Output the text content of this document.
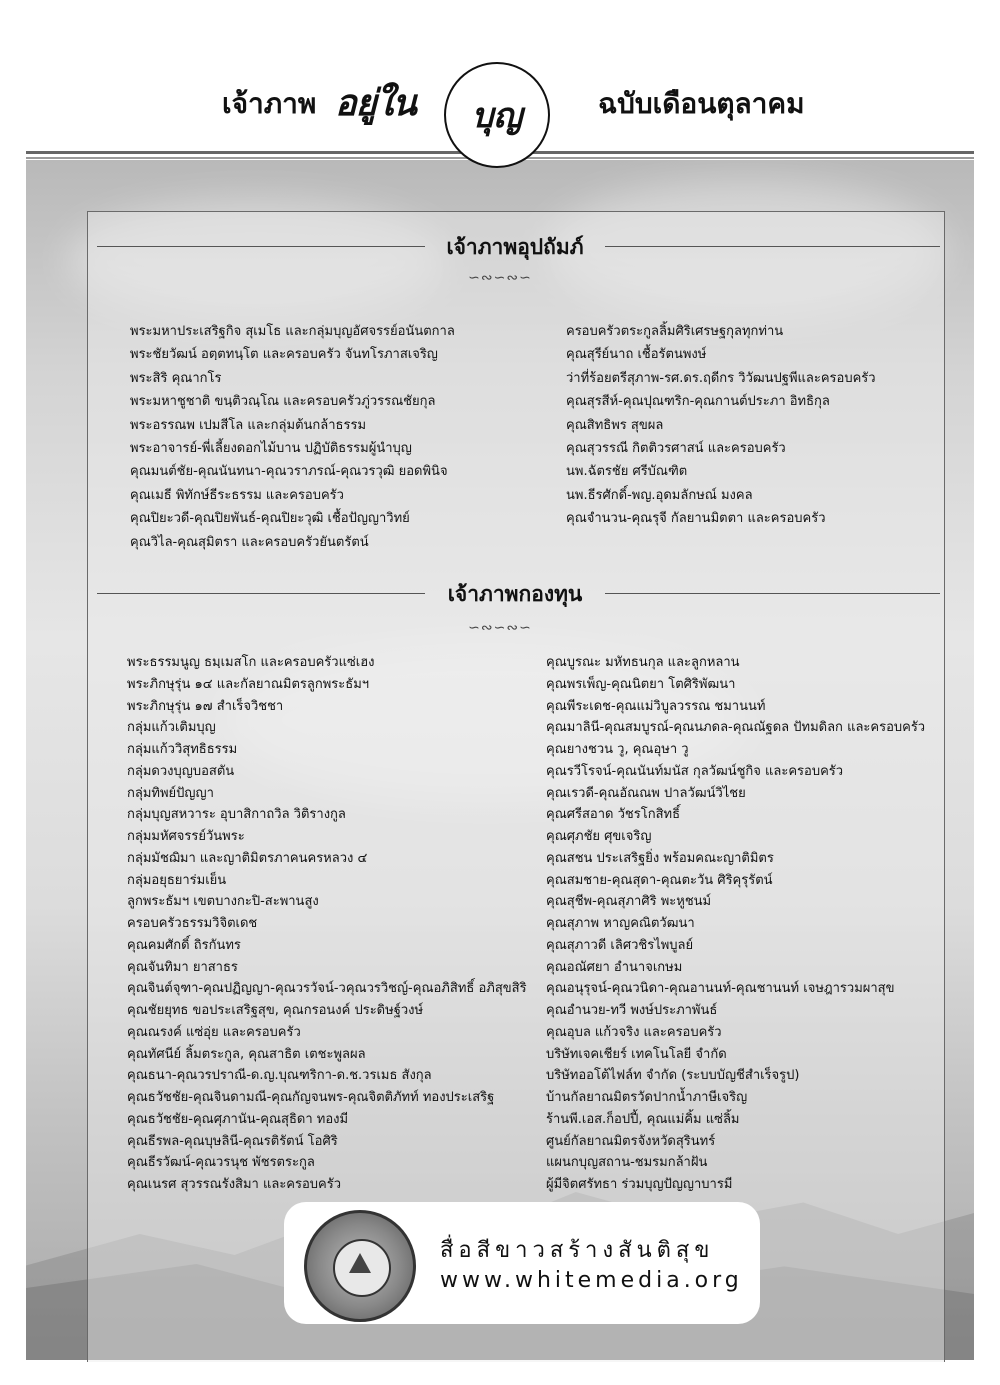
เจ้าภาพ อยู่ใน บุญ	ฉบับเดือนตุลาคม
เจ้าภาพอุปถัมภ์
∽∾∽∾∽
พระมหาประเสริฐกิจ สุเมโธ และกลุ่มบุญอัศจรรย์อนันตกาล
พระชัยวัฒน์ อตฺตทนฺโต และครอบครัว จันทโรภาสเจริญ
พระสิริ คุณากโร
พระมหาชูชาติ ขนฺติวณฺโณ และครอบครัวภู่วรรณชัยกุล
พระอรรณพ เปมสีโล และกลุ่มต้นกล้าธรรม
พระอาจารย์-พี่เลี้ยงดอกไม้บาน ปฏิบัติธรรมผู้นำบุญ
คุณมนต์ชัย-คุณนันทนา-คุณวราภรณ์-คุณวรวุฒิ ยอดพินิจ
คุณเมธี พิทักษ์ธีระธรรม และครอบครัว
คุณปิยะวดี-คุณปิยพันธ์-คุณปิยะวุฒิ เชื้อปัญญาวิทย์
คุณวิไล-คุณสุมิตรา และครอบครัวยันตรัตน์
ครอบครัวตระกูลลิ้มศิริเศรษฐกุลทุกท่าน
คุณสุรีย์นาถ เชื้อรัตนพงษ์
ว่าที่ร้อยตรีสุภาพ-รศ.ดร.ฤดีกร วิวัฒนปฐพีและครอบครัว
คุณสุรสีห์-คุณปุณฑริก-คุณกานต์ประภา อิทธิกุล
คุณสิทธิพร สุขผล
คุณสุวรรณี กิตติวรศาสน์ และครอบครัว
นพ.ฉัตรชัย ศรีบัณฑิต
นพ.ธีรศักดิ์-พญ.อุดมลักษณ์ มงคล
คุณจำนวน-คุณรุจี กัลยานมิตตา และครอบครัว
เจ้าภาพกองทุน
∽∾∽∾∽
พระธรรมนูญ ธมฺเมสโก และครอบครัวแซ่เฮง
พระภิกษุรุ่น ๑๔ และกัลยาณมิตรลูกพระธัมฯ
พระภิกษุรุ่น ๑๗ สำเร็จวิชชา
กลุ่มแก้วเติมบุญ
กลุ่มแก้ววิสุทธิธรรม
กลุ่มดวงบุญบอสตัน
กลุ่มทิพย์ปัญญา
กลุ่มบุญสหวาระ อุบาสิกาถวิล วิติรางกูล
กลุ่มมหัศจรรย์วันพระ
กลุ่มมัชฌิมา และญาติมิตรภาคนครหลวง ๔
กลุ่มอยุธยาร่มเย็น
ลูกพระธัมฯ เขตบางกะปิ-สะพานสูง
ครอบครัวธรรมวิจิตเดช
คุณคมศักดิ์ ถิรกันทร
คุณจันทิมา ยาสาธร
คุณจินต์จุฑา-คุณปฏิญญา-คุณวรวัจน์-วคุณวรวิชญ์-คุณอภิสิทธิ์ อภิสุขสิริ
คุณชัยยุทธ ขอประเสริฐสุข, คุณกรอนงค์ ประดิษฐ์วงษ์
คุณณรงค์ แซ่อุ่ย และครอบครัว
คุณทัศนีย์ ลิ้มตระกูล, คุณสาธิต เตชะพูลผล
คุณธนา-คุณวรปราณี-ด.ญ.บุณฑริกา-ด.ช.วรเมธ สังกุล
คุณธวัชชัย-คุณจินดามณี-คุณกัญจนพร-คุณจิตติภัทท์ ทองประเสริฐ
คุณธวัชชัย-คุณศุภานัน-คุณสุธิดา ทองมี
คุณธีรพล-คุณบุษลินี-คุณรติรัตน์ โอศิริ
คุณธีรวัฒน์-คุณวรนุช พัชรตระกูล
คุณเนรศ สุวรรณรังสิมา และครอบครัว
คุณบูรณะ มหัทธนกุล และลูกหลาน
คุณพรเพ็ญ-คุณนิตยา โตศิริพัฒนา
คุณพีระเดช-คุณแม่วิบูลวรรณ ชมานนท์
คุณมาลินี-คุณสมบูรณ์-คุณนภดล-คุณณัฐดล ปัทมดิลก และครอบครัว
คุณยางชวน วู, คุณอุษา วู
คุณรวีโรจน์-คุณนันท์มนัส กุลวัฒน์ชูกิจ และครอบครัว
คุณเรวดี-คุณอัณณพ ปาลวัฒน์วิไชย
คุณศรีสอาด วัชรโกสิทธิ์
คุณศุภชัย ศุขเจริญ
คุณสชน ประเสริฐยิ่ง พร้อมคณะญาติมิตร
คุณสมชาย-คุณสุดา-คุณตะวัน ศิริคุรุรัตน์
คุณสุชีพ-คุณสุภาศิริ พะหูชนม์
คุณสุภาพ หาญคณิตวัฒนา
คุณสุภาวดี เลิศวชิรไพบูลย์
คุณอณัศยา อำนาจเกษม
คุณอนุรุจน์-คุณวนิดา-คุณอานนท์-คุณชานนท์ เจษฎารวมผาสุข
คุณอำนวย-ทวี พงษ์ประภาพันธ์
คุณอุบล แก้วจริง และครอบครัว
บริษัทเจคเชียร์ เทคโนโลยี จำกัด
บริษัทออโต้ไฟล์ท จำกัด (ระบบบัญชีสำเร็จรูป)
บ้านกัลยาณมิตรวัดปากน้ำภาษีเจริญ
ร้านพี.เอส.ก็อปปี้, คุณแม่คิ้ม แซ่ลิ้ม
ศูนย์กัลยาณมิตรจังหวัดสุรินทร์
แผนกบุญสถาน-ชมรมกล้าฝัน
ผู้มีจิตศรัทธา ร่วมบุญปัญญาบารมี
สื่อสีขาวสร้างสันติสุข
www.whitemedia.org
